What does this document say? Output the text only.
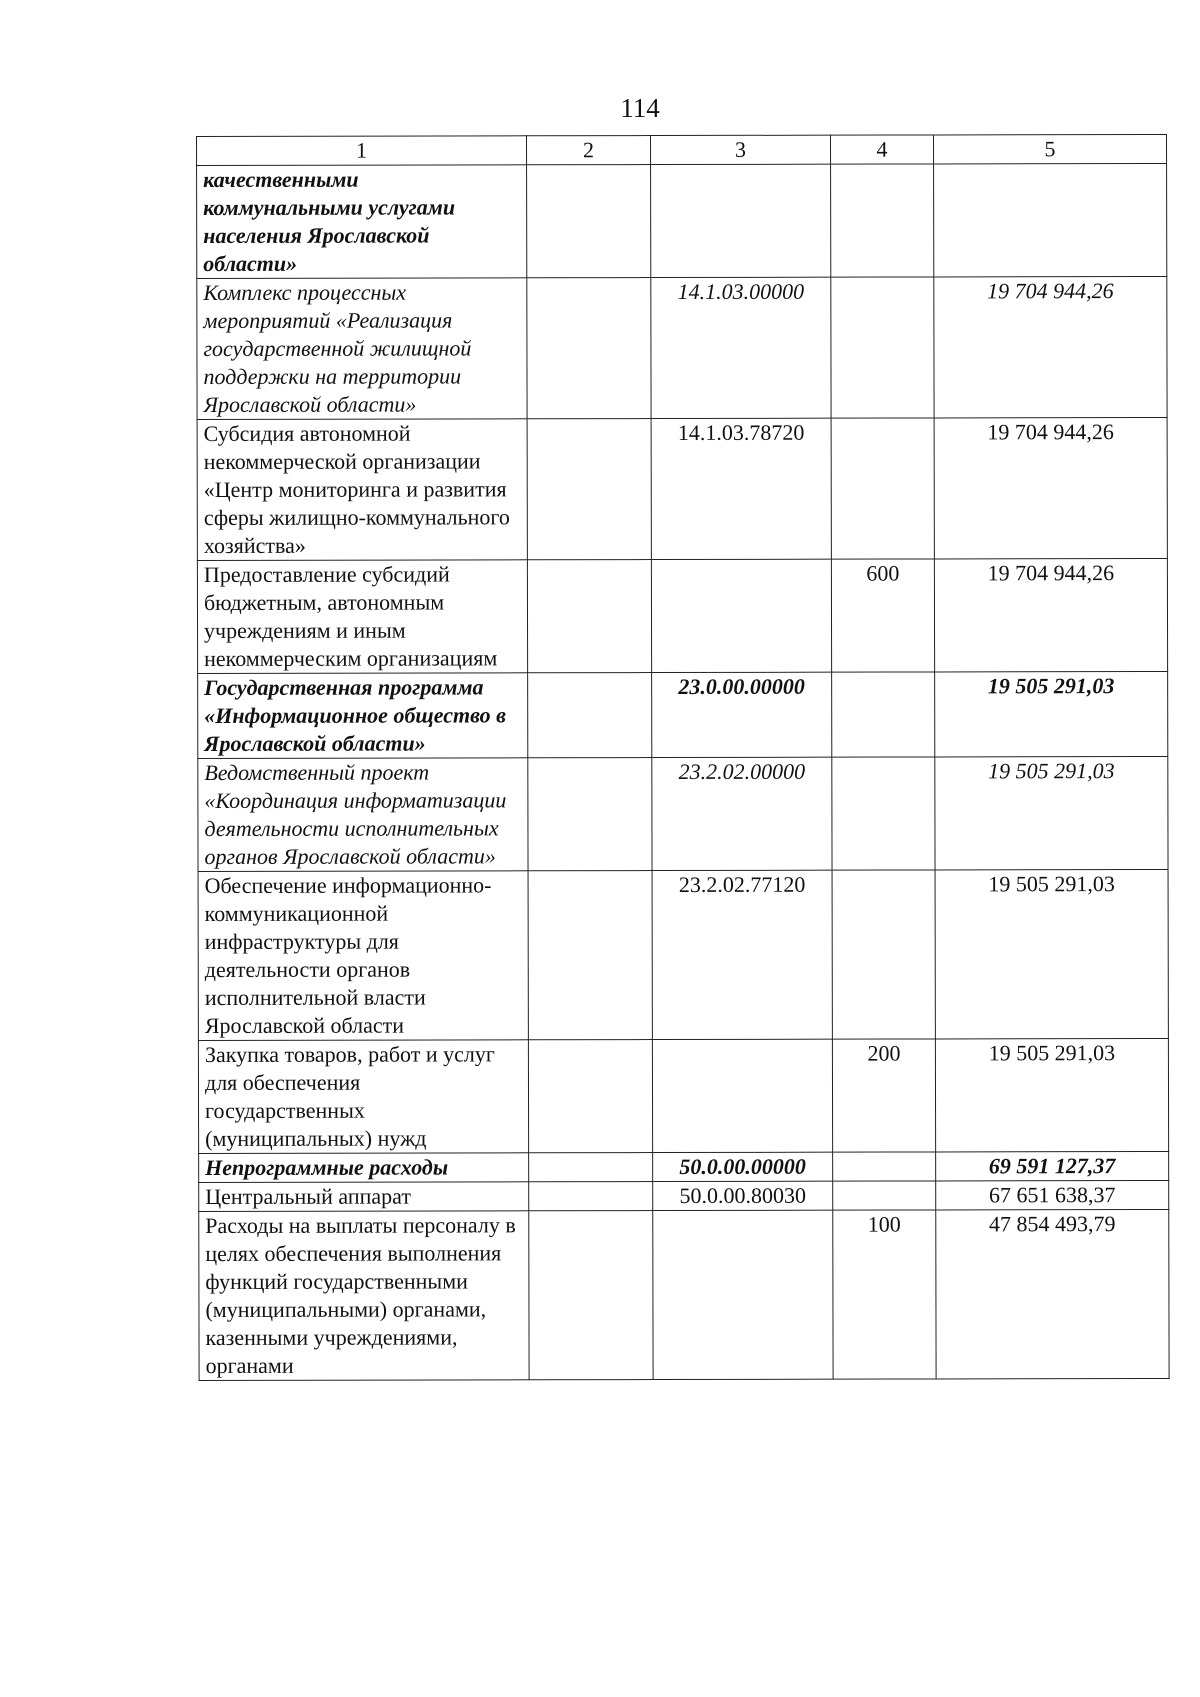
114
1	2	3	4	5
качественными коммунальными услугами населения Ярославской области»				
Комплекс процессных мероприятий «Реализация государственной жилищной поддержки на территории Ярославской области»		14.1.03.00000		19 704 944,26
Субсидия автономной некоммерческой организации «Центр мониторинга и развития сферы жилищно-коммунального хозяйства»		14.1.03.78720		19 704 944,26
Предоставление субсидий бюджетным, автономным учреждениям и иным некоммерческим организациям			600	19 704 944,26
Государственная программа «Информационное общество в Ярославской области»		23.0.00.00000		19 505 291,03
Ведомственный проект «Координация информатизации деятельности исполнительных органов Ярославской области»		23.2.02.00000		19 505 291,03
Обеспечение информационно-коммуникационной инфраструктуры для деятельности органов исполнительной власти Ярославской области		23.2.02.77120		19 505 291,03
Закупка товаров, работ и услуг для обеспечения государственных (муниципальных) нужд			200	19 505 291,03
Непрограммные расходы		50.0.00.00000		69 591 127,37
Центральный аппарат		50.0.00.80030		67 651 638,37
Расходы на выплаты персоналу в целях обеспечения выполнения функций государственными (муниципальными) органами, казенными учреждениями, органами			100	47 854 493,79
